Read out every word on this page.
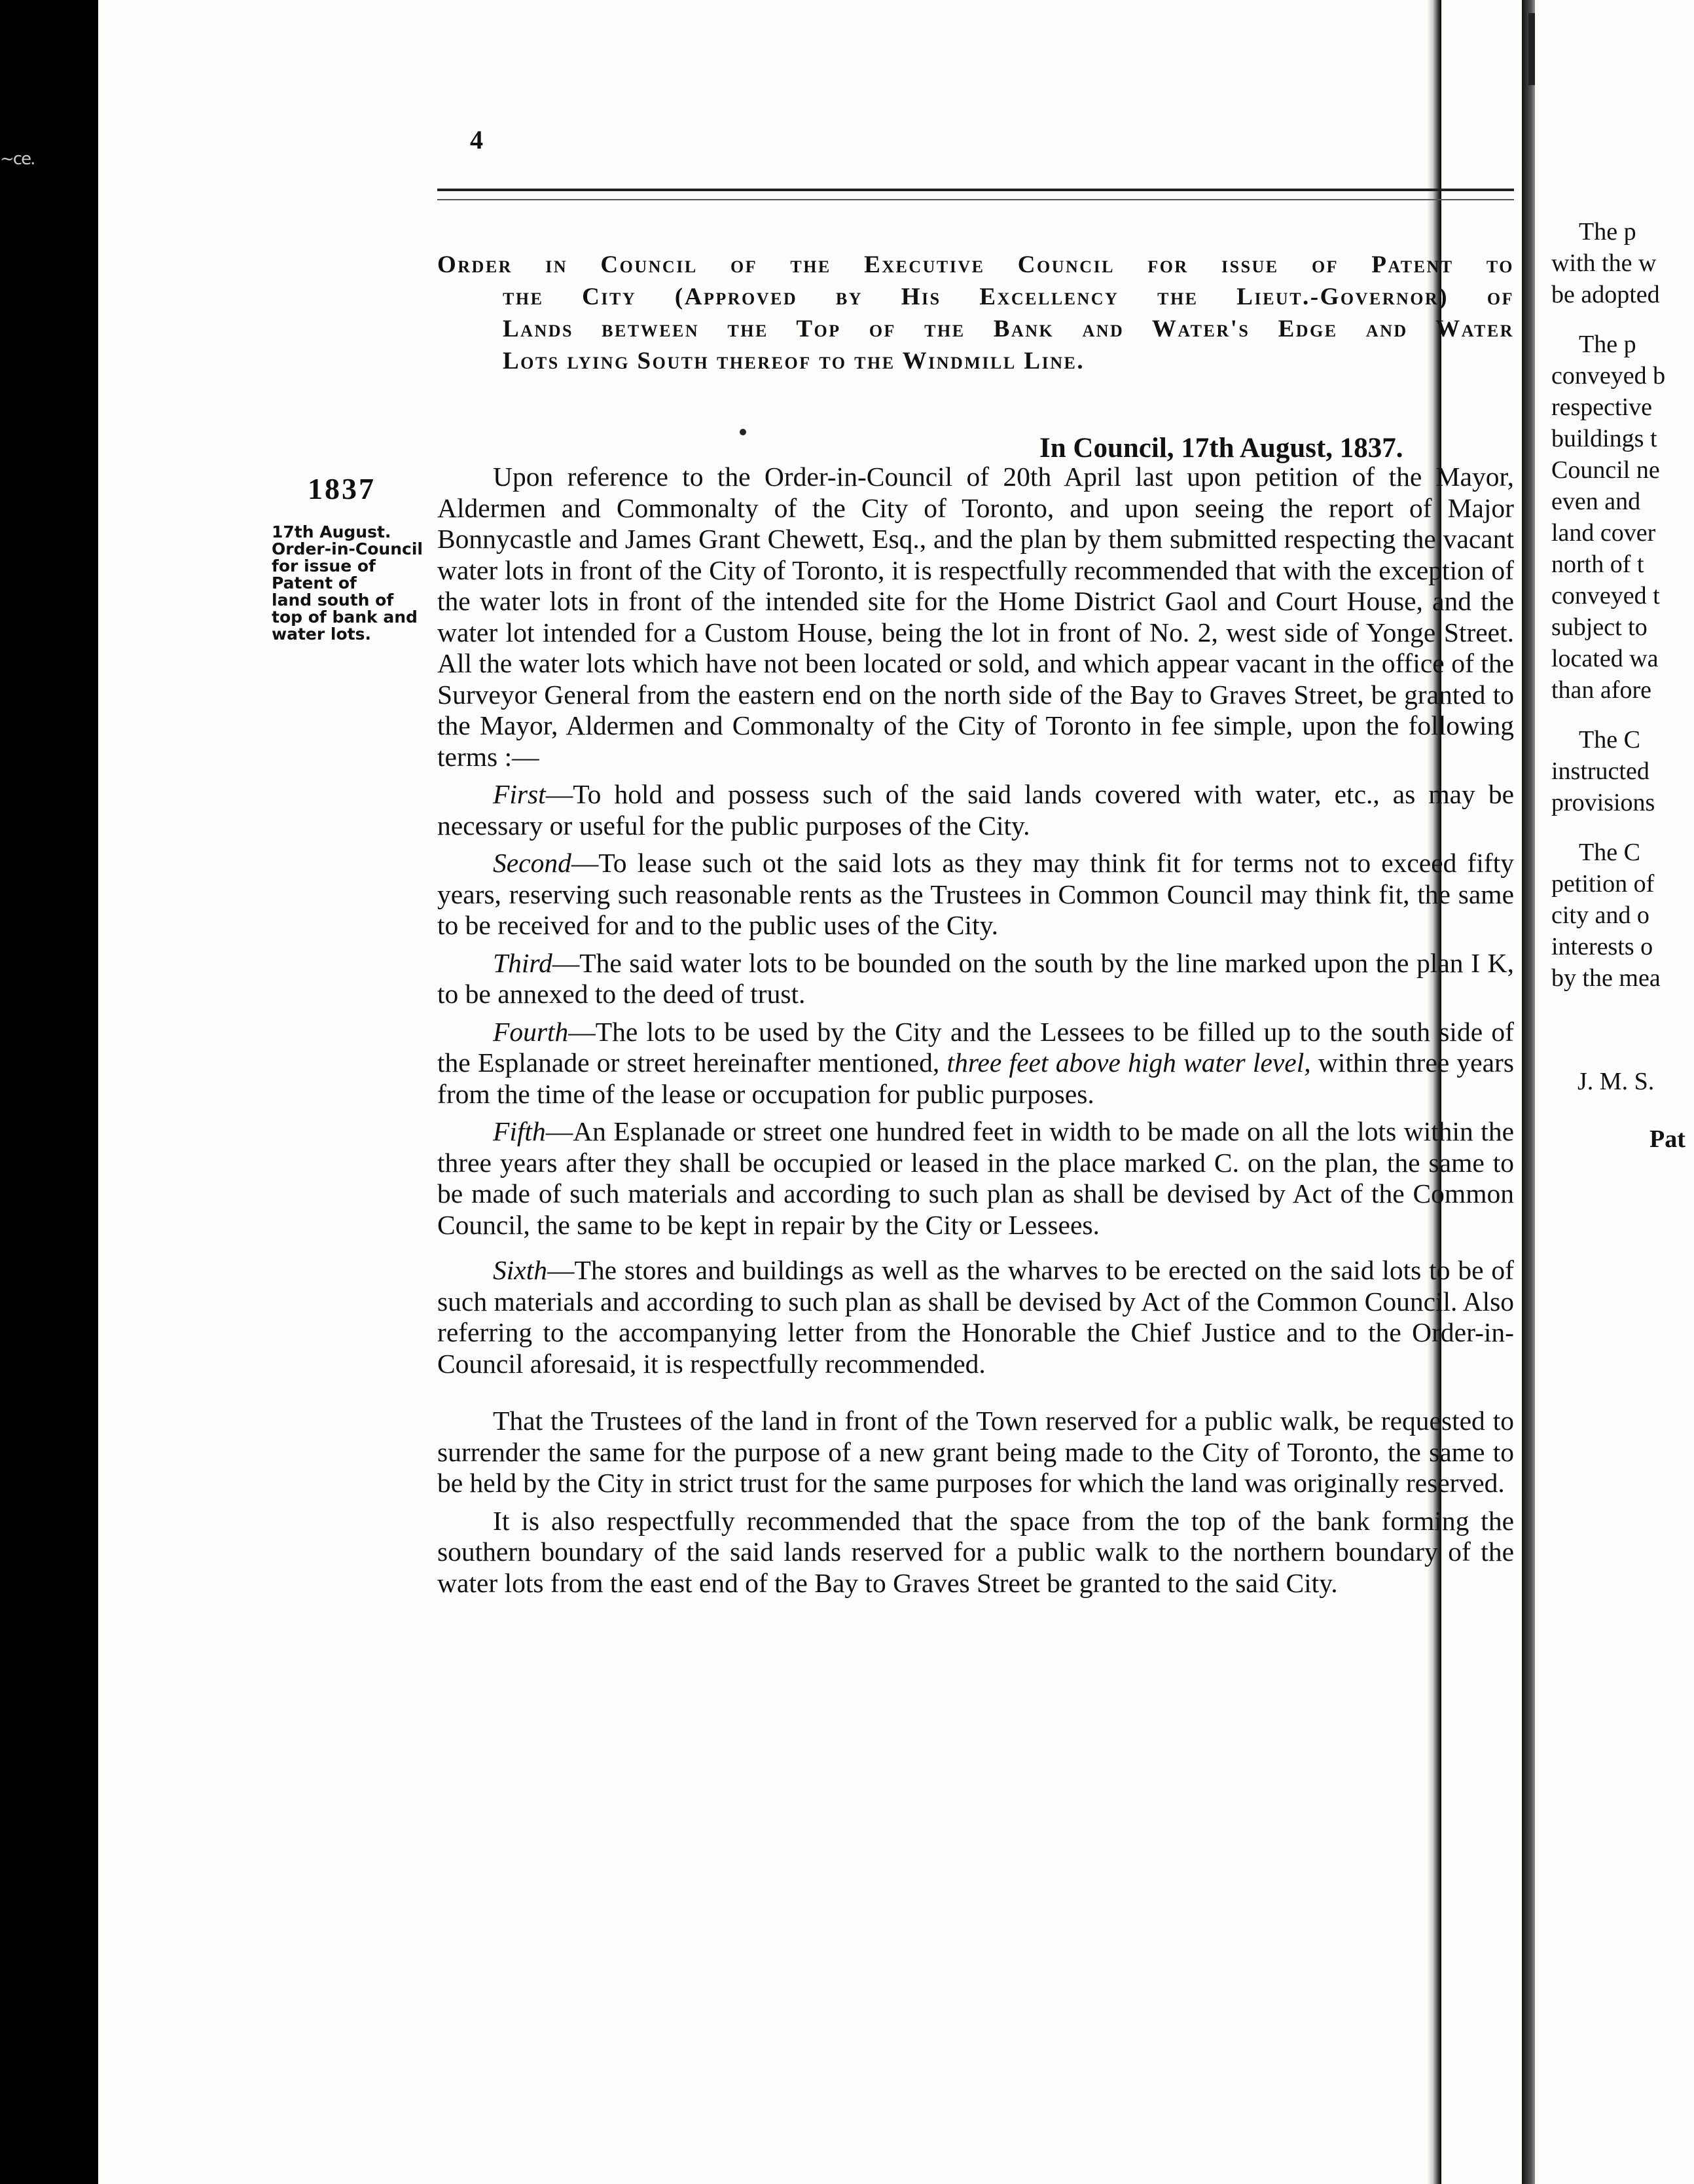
~ce.
4
Order in Council of the Executive Council for issue of Patent to
the City (Approved by His Excellency the Lieut.-Governor) of
Lands between the Top of the Bank and Water's Edge and Water
Lots lying South thereof to the Windmill Line.
In Council, 17th August, 1837.
1837
17th August.
Order-in-Council
for issue of
Patent of
land south of
top of bank and
water lots.

Upon reference to the Order-in-Council of 20th April last upon petition of the Mayor, Aldermen and Commonalty of the City of Toronto, and upon seeing the report of Major Bonnycastle and James Grant Chewett, Esq., and the plan by them submitted respecting the vacant water lots in front of the City of Toronto, it is respectfully recommended that with the exception of the water lots in front of the intended site for the Home District Gaol and Court House, and the water lot intended for a Custom House, being the lot in front of No. 2, west side of Yonge Street. All the water lots which have not been located or sold, and which appear vacant in the office of the Surveyor General from the eastern end on the north side of the Bay to Graves Street, be granted to the Mayor, Aldermen and Commonalty of the City of Toronto in fee simple, upon the following terms :—

First—To hold and possess such of the said lands covered with water, etc., as may be necessary or useful for the public purposes of the City.

Second—To lease such ot the said lots as they may think fit for terms not to exceed fifty years, reserving such reasonable rents as the Trustees in Common Council may think fit, the same to be received for and to the public uses of the City.

Third—The said water lots to be bounded on the south by the line marked upon the plan I K, to be annexed to the deed of trust.

Fourth—The lots to be used by the City and the Lessees to be filled up to the south side of the Esplanade or street hereinafter mentioned, three feet above high water level, within three years from the time of the lease or occupation for public purposes.

Fifth—An Esplanade or street one hundred feet in width to be made on all the lots within the three years after they shall be occupied or leased in the place marked C. on the plan, the same to be made of such materials and according to such plan as shall be devised by Act of the Common Council, the same to be kept in repair by the City or Lessees.

Sixth—The stores and buildings as well as the wharves to be erected on the said lots to be of such materials and according to such plan as shall be devised by Act of the Common Council. Also referring to the accompanying letter from the Honorable the Chief Justice and to the Order-in-Council aforesaid, it is respectfully recommended.

That the Trustees of the land in front of the Town reserved for a public walk, be requested to surrender the same for the purpose of a new grant being made to the City of Toronto, the same to be held by the City in strict trust for the same purposes for which the land was originally reserved.

It is also respectfully recommended that the space from the top of the bank forming the southern boundary of the said lands reserved for a public walk to the northern boundary of the water lots from the east end of the Bay to Graves Street be granted to the said City.

The p
with the w
be adopted
The p
conveyed b
respective
buildings t
Council ne
even and
land cover
north of t
conveyed t
subject to
located wa
than afore
The C
instructed
provisions
The C
petition of
city and o
interests o
by the mea
J. M. S.
Pat
